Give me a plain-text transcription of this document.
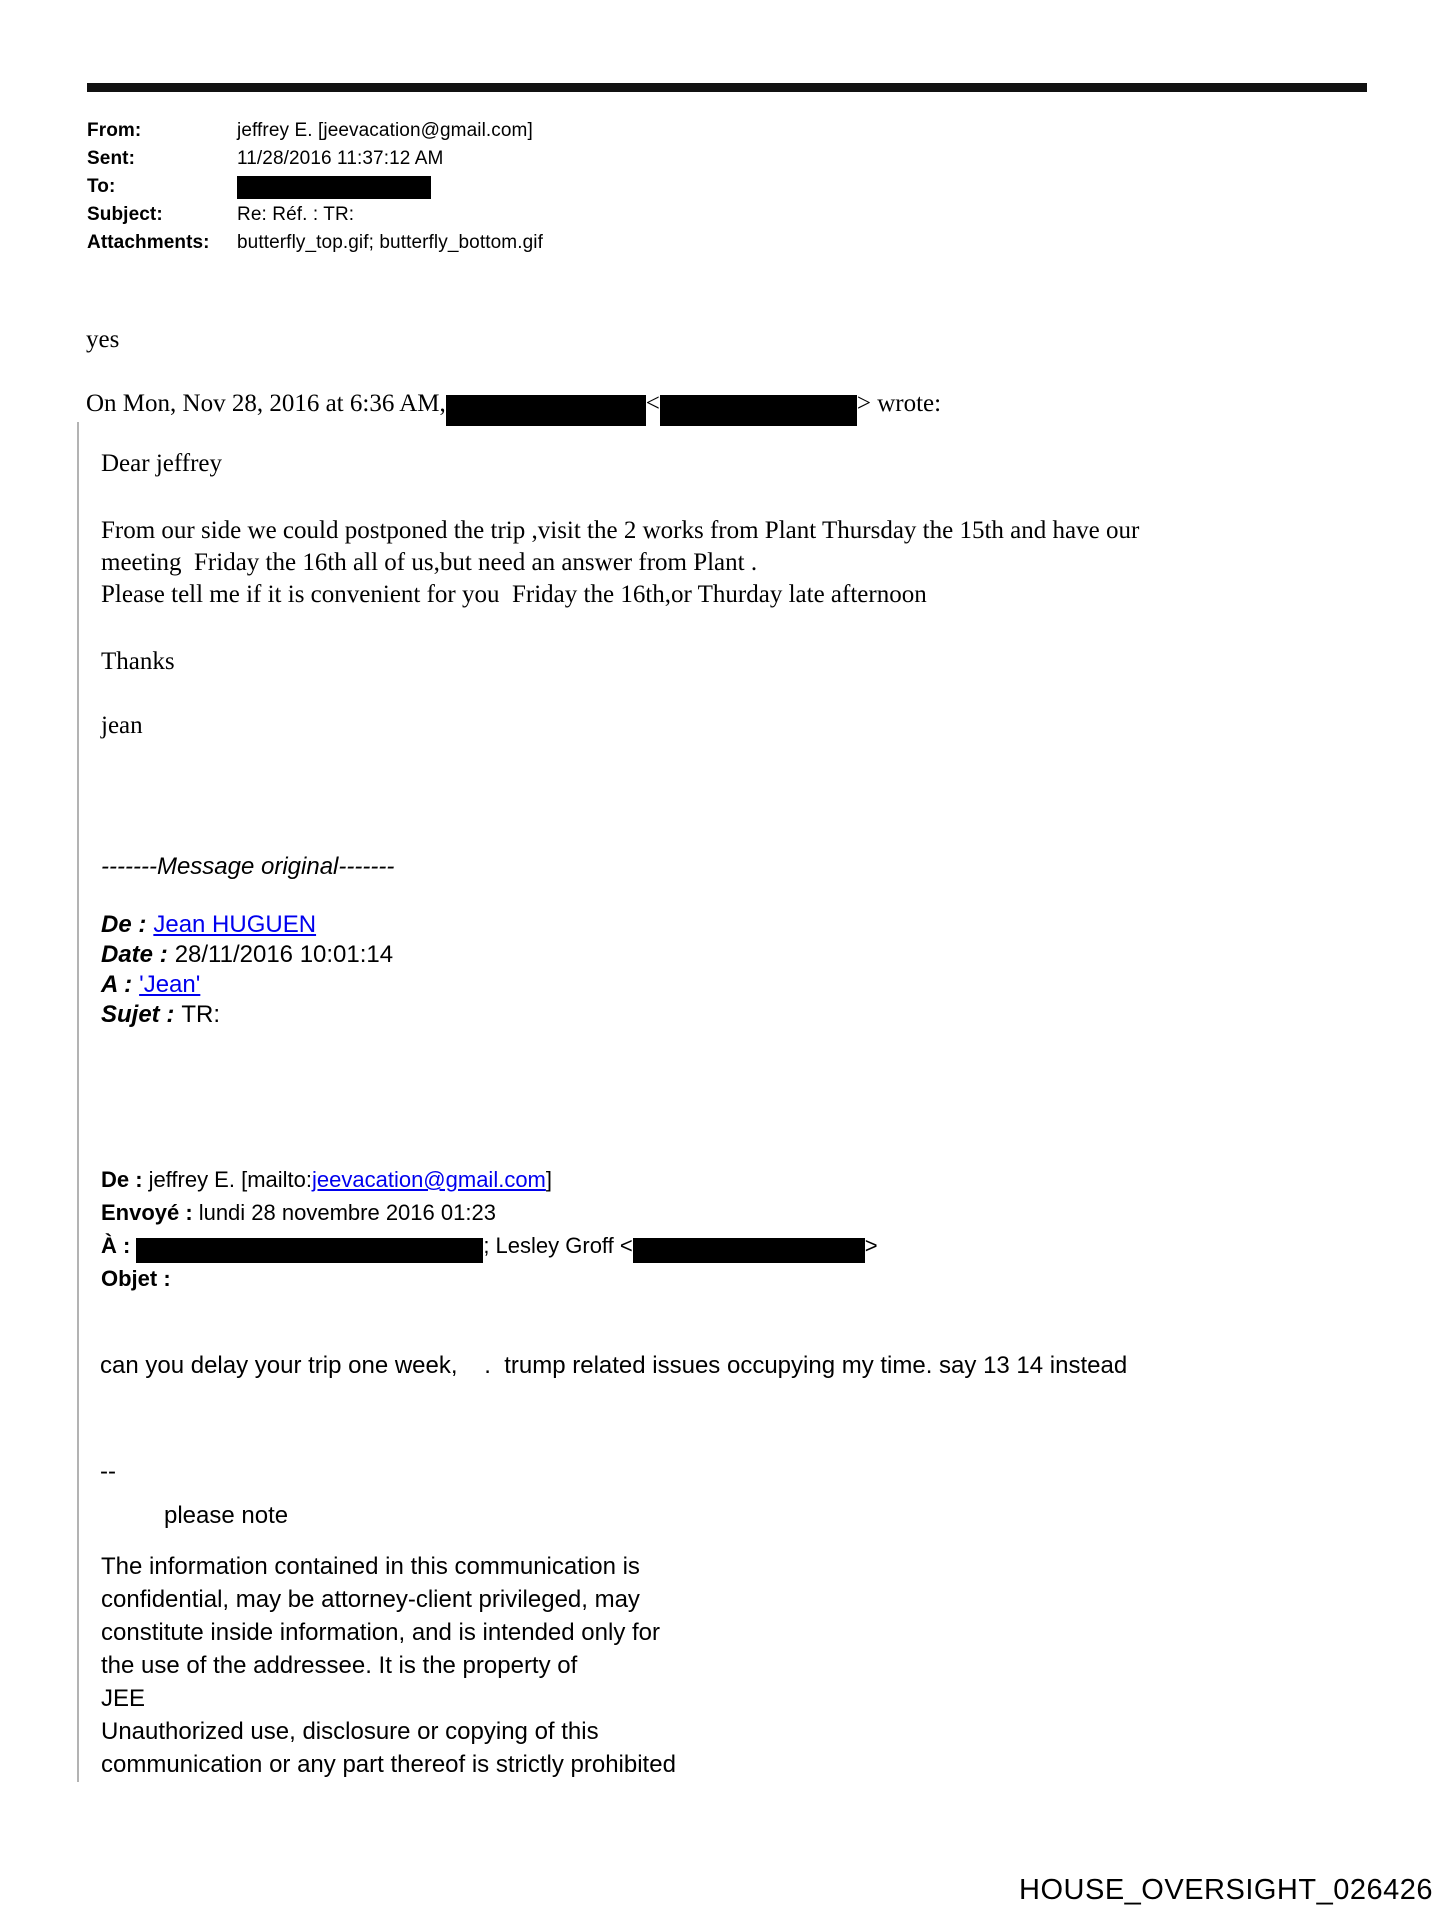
From:	jeffrey E. [jeevacation@gmail.com]
Sent:	11/28/2016 11:37:12 AM
To:
Subject:	Re: Réf. : TR:
Attachments:	butterfly_top.gif; butterfly_bottom.gif
yes
On Mon, Nov 28, 2016 at 6:36 AM,	<	> wrote:
Dear jeffrey
From our side we could postponed the trip ,visit the 2 works from Plant Thursday the 15th and have our
meeting  Friday the 16th all of us,but need an answer from Plant .
Please tell me if it is convenient for you  Friday the 16th,or Thurday late afternoon
Thanks
jean
-------Message original-------
De : Jean HUGUEN
Date : 28/11/2016 10:01:14
A : 'Jean'
Sujet : TR:
De : jeffrey E. [mailto:jeevacation@gmail.com]
Envoyé : lundi 28 novembre 2016 01:23
À :	; Lesley Groff <	>
Objet :
can you delay your trip one week,    .  trump related issues occupying my time. say 13 14 instead
--
please note
The information contained in this communication is
confidential, may be attorney-client privileged, may
constitute inside information, and is intended only for
the use of the addressee. It is the property of
JEE
Unauthorized use, disclosure or copying of this
communication or any part thereof is strictly prohibited
HOUSE_OVERSIGHT_026426
